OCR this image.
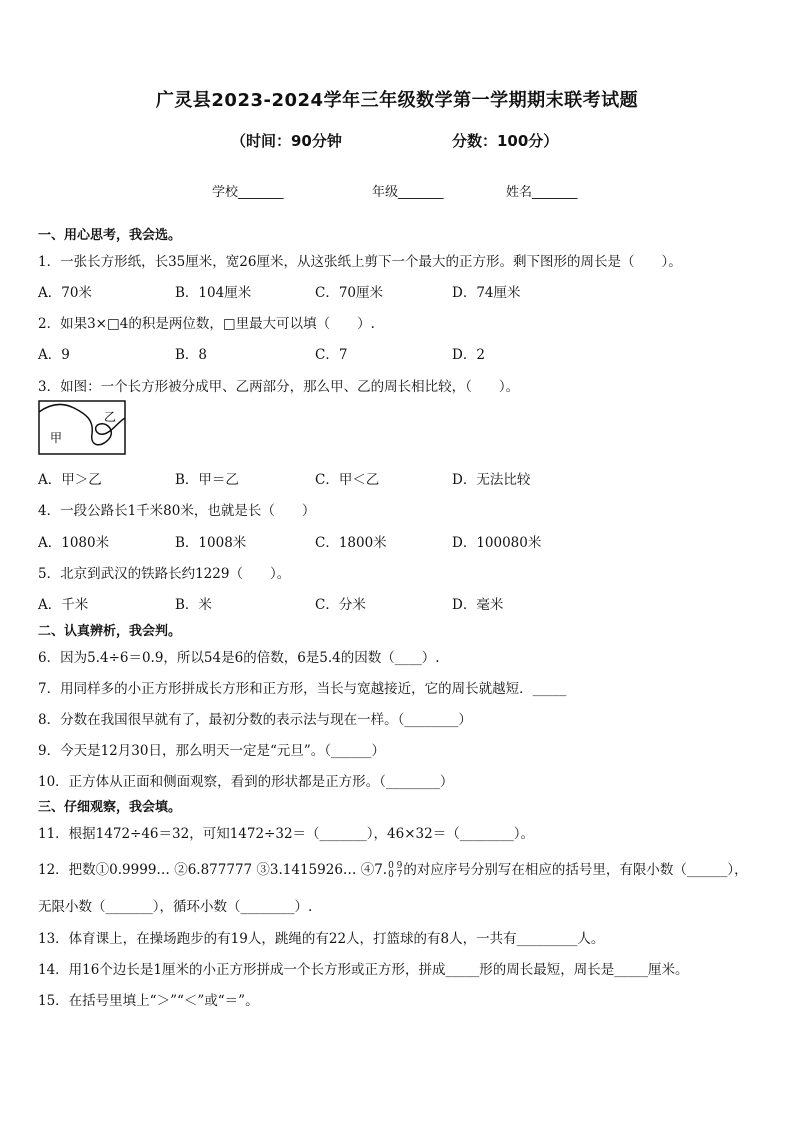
广灵县2023-2024学年三年级数学第一学期期末联考试题
（时间：90分钟	分数：100分）
学校_______	年级_______	姓名_______
一、用心思考，我会选。
1．一张长方形纸，长35厘米，宽26厘米，从这张纸上剪下一个最大的正方形。剩下图形的周长是（　　）。
A．70米	B．104厘米	C．70厘米	D．74厘米
2．如果3×□4的积是两位数，□里最大可以填（　　）.
A．9	B．8	C．7	D．2
3．如图：一个长方形被分成甲、乙两部分，那么甲、乙的周长相比较，（　　）。
甲
乙
A．甲＞乙	B．甲＝乙	C．甲＜乙	D．无法比较
4．一段公路长1千米80米，也就是长（　　）
A．1080米	B．1008米	C．1800米	D．100080米
5．北京到武汉的铁路长约1229（　　）。
A．千米	B．米	C．分米	D．毫米
二、认真辨析，我会判。
6．因为5.4÷6＝0.9，所以54是6的倍数，6是5.4的因数（____）.
7．用同样多的小正方形拼成长方形和正方形，当长与宽越接近，它的周长就越短．_____
8．分数在我国很早就有了，最初分数的表示法与现在一样。（________）
9．今天是12月30日，那么明天一定是“元旦”。（______）
10．正方体从正面和侧面观察，看到的形状都是正方形。（________）
三、仔细观察，我会填。
11．根据1472÷46＝32，可知1472÷32＝（_______），46×32＝（________）。
12．把数①0.9999… ②6.877777 ③3.1415926… ④7. 0 9
0 7 的对应序号分别写在相应的括号里，有限小数（______），
无限小数（_______），循环小数（________）.
13．体育课上，在操场跑步的有19人，跳绳的有22人，打篮球的有8人，一共有_________人。
14．用16个边长是1厘米的小正方形拼成一个长方形或正方形，拼成_____形的周长最短，周长是_____厘米。
15．在括号里填上“＞”“＜”或“＝”。
